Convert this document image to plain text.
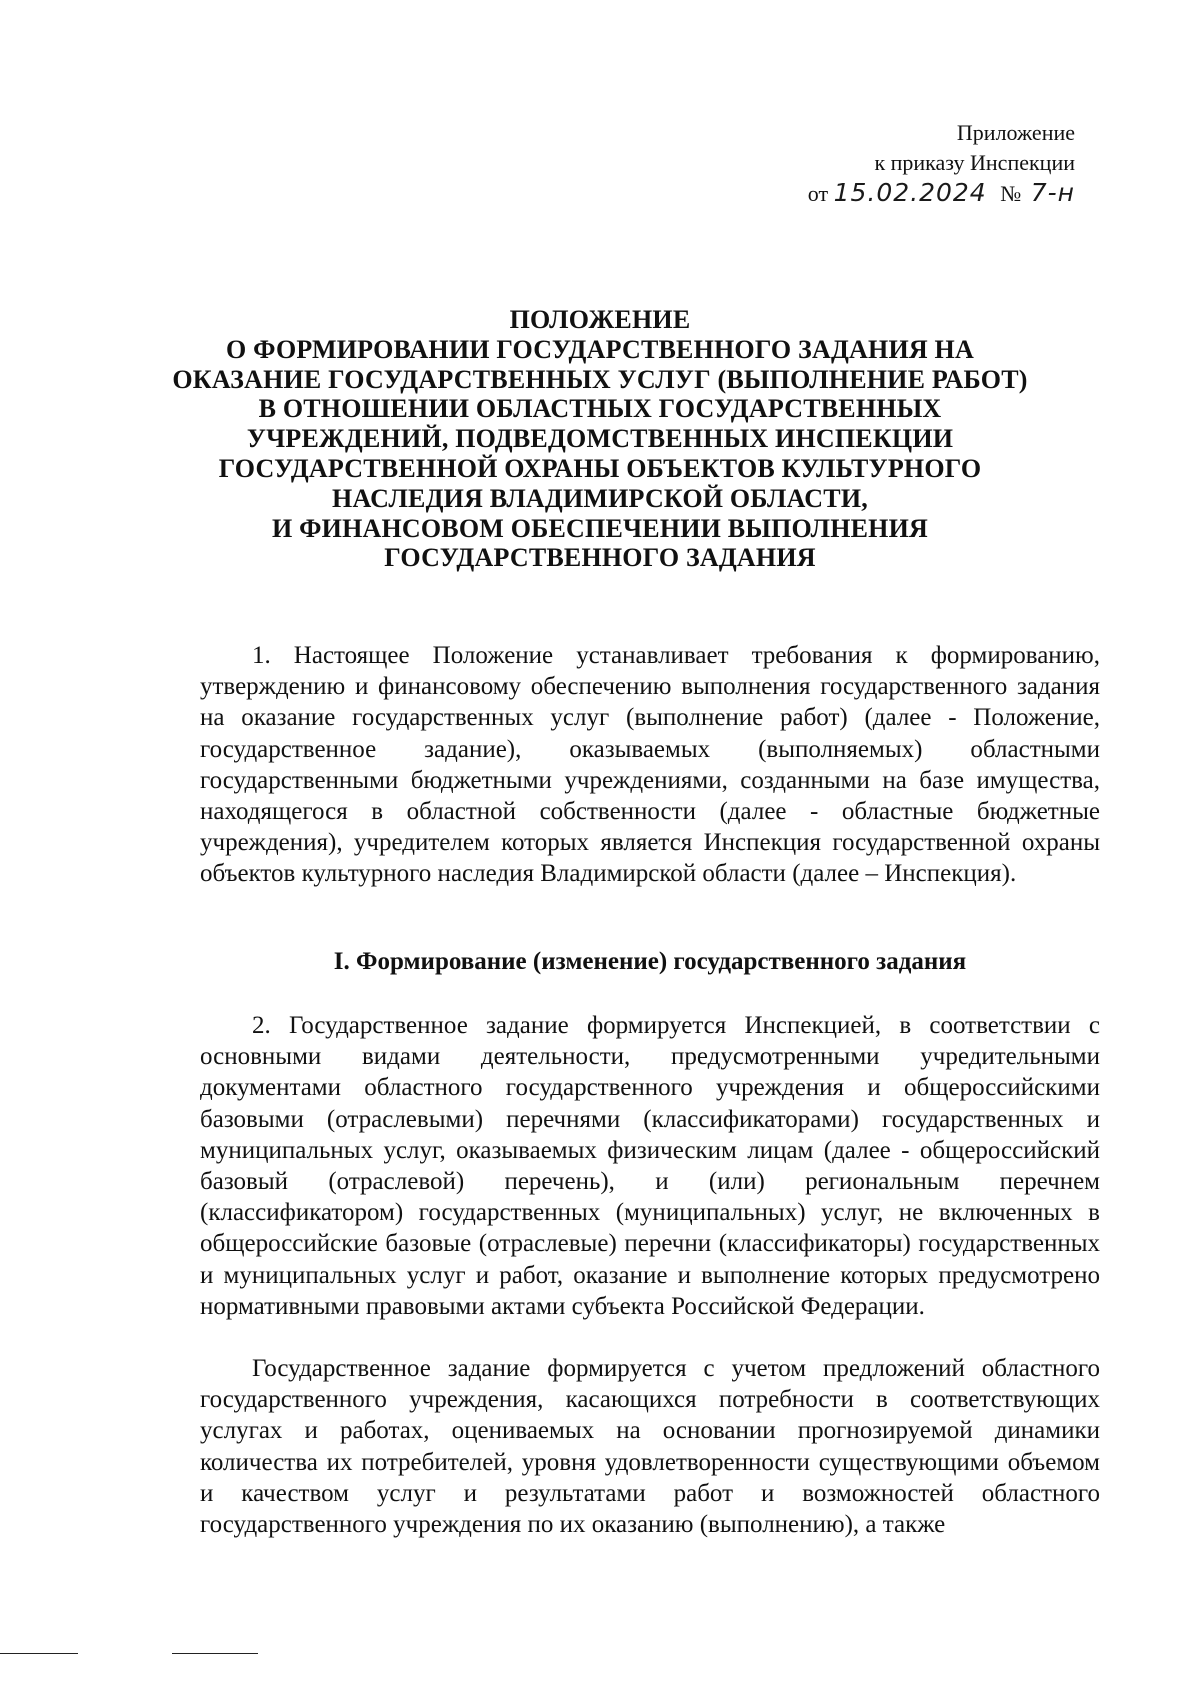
Приложение
к приказу Инспекции
от 15.02.2024 № 7-н
ПОЛОЖЕНИЕ
О ФОРМИРОВАНИИ ГОСУДАРСТВЕННОГО ЗАДАНИЯ НА
ОКАЗАНИЕ ГОСУДАРСТВЕННЫХ УСЛУГ (ВЫПОЛНЕНИЕ РАБОТ)
В ОТНОШЕНИИ ОБЛАСТНЫХ ГОСУДАРСТВЕННЫХ
УЧРЕЖДЕНИЙ, ПОДВЕДОМСТВЕННЫХ ИНСПЕКЦИИ
ГОСУДАРСТВЕННОЙ ОХРАНЫ ОБЪЕКТОВ КУЛЬТУРНОГО
НАСЛЕДИЯ ВЛАДИМИРСКОЙ ОБЛАСТИ,
И ФИНАНСОВОМ ОБЕСПЕЧЕНИИ ВЫПОЛНЕНИЯ
ГОСУДАРСТВЕННОГО ЗАДАНИЯ

1. Настоящее Положение устанавливает требования к формированию, утверждению и финансовому обеспечению выполнения государственного задания на оказание государственных услуг (выполнение работ) (далее - Положение, государственное задание), оказываемых (выполняемых) областными государственными бюджетными учреждениями, созданными на базе имущества, находящегося в областной собственности (далее - областные бюджетные учреждения), учредителем которых является Инспекция государственной охраны объектов культурного наследия Владимирской области (далее – Инспекция).

I. Формирование (изменение) государственного задания

2. Государственное задание формируется Инспекцией, в соответствии с основными видами деятельности, предусмотренными учредительными документами областного государственного учреждения и общероссийскими базовыми (отраслевыми) перечнями (классификаторами) государственных и муниципальных услуг, оказываемых физическим лицам (далее - общероссийский базовый (отраслевой) перечень), и (или) региональным перечнем (классификатором) государственных (муниципальных) услуг, не включенных в общероссийские базовые (отраслевые) перечни (классификаторы) государственных и муниципальных услуг и работ, оказание и выполнение которых предусмотрено нормативными правовыми актами субъекта Российской Федерации.

Государственное задание формируется с учетом предложений областного государственного учреждения, касающихся потребности в соответствующих услугах и работах, оцениваемых на основании прогнозируемой динамики количества их потребителей, уровня удовлетворенности существующими объемом и качеством услуг и результатами работ и возможностей областного государственного учреждения по их оказанию (выполнению), а также
